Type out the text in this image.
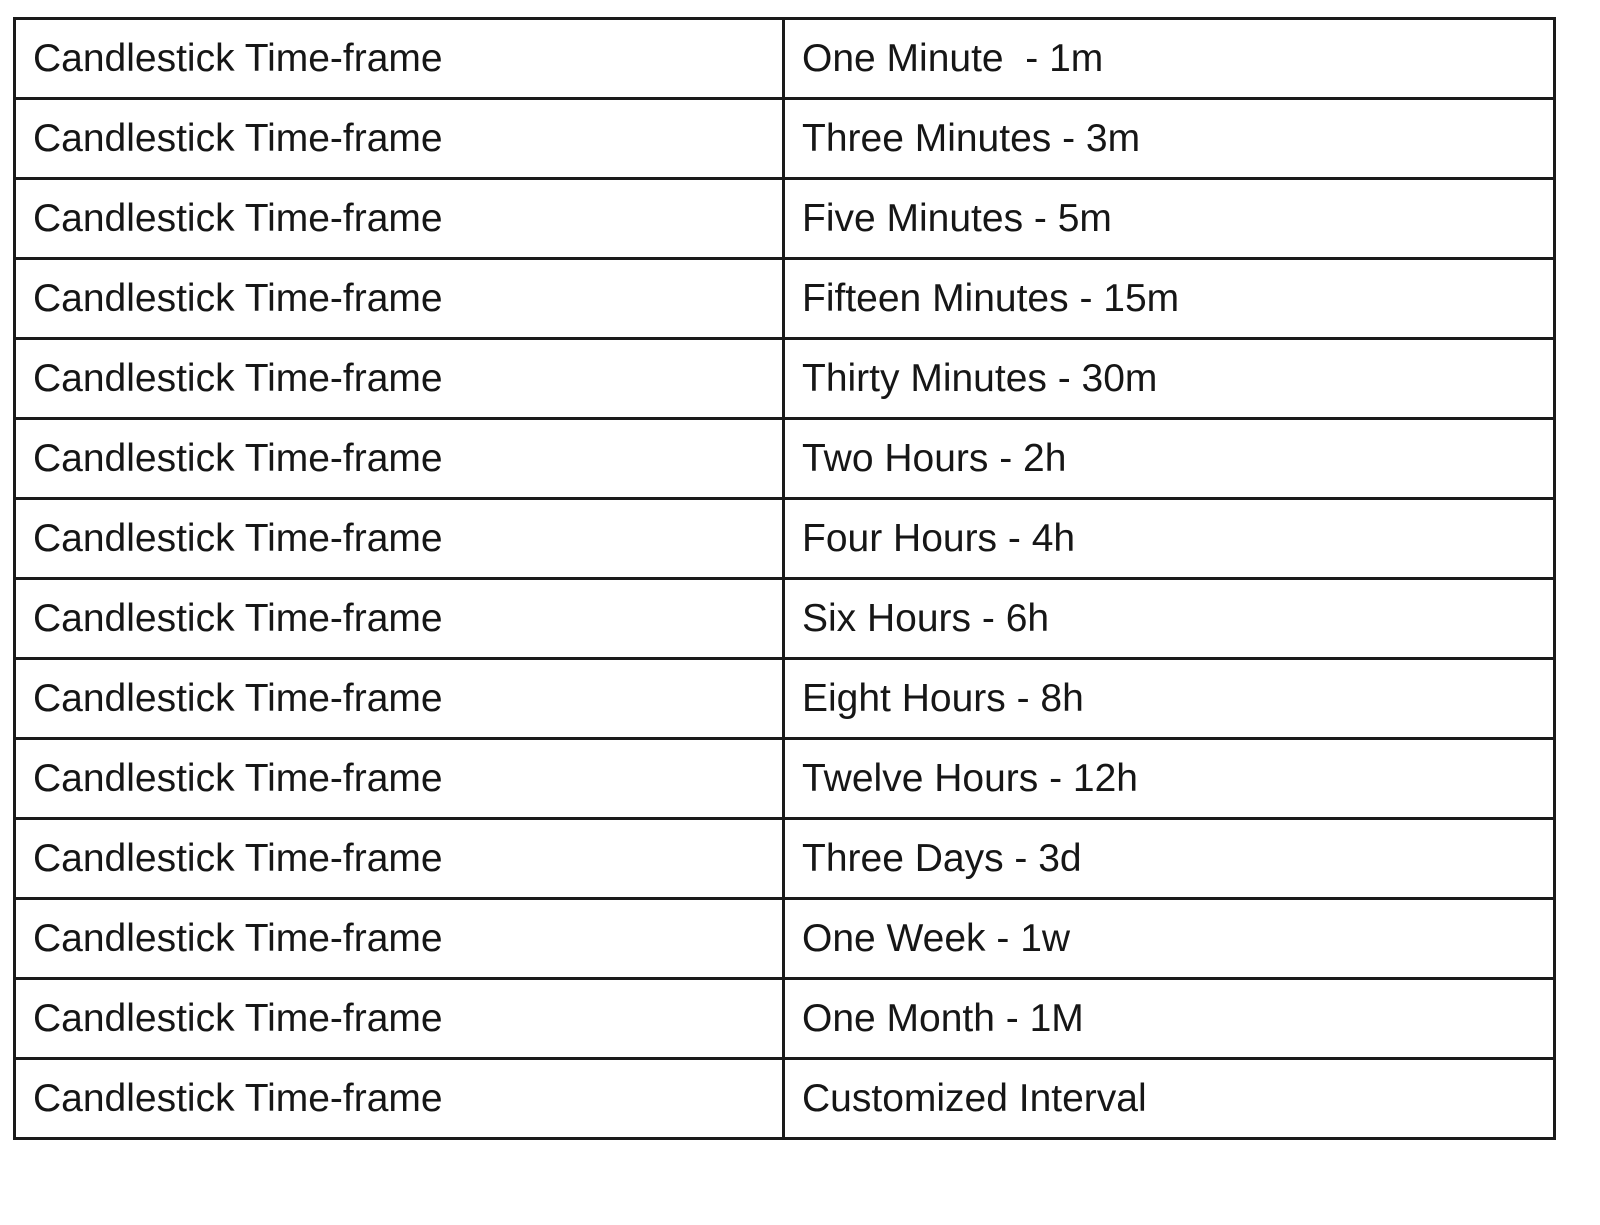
Candlestick Time-frame	One Minute  - 1m
Candlestick Time-frame	Three Minutes - 3m
Candlestick Time-frame	Five Minutes - 5m
Candlestick Time-frame	Fifteen Minutes - 15m
Candlestick Time-frame	Thirty Minutes - 30m
Candlestick Time-frame	Two Hours - 2h
Candlestick Time-frame	Four Hours - 4h
Candlestick Time-frame	Six Hours - 6h
Candlestick Time-frame	Eight Hours - 8h
Candlestick Time-frame	Twelve Hours - 12h
Candlestick Time-frame	Three Days - 3d
Candlestick Time-frame	One Week - 1w
Candlestick Time-frame	One Month - 1M
Candlestick Time-frame	Customized Interval
